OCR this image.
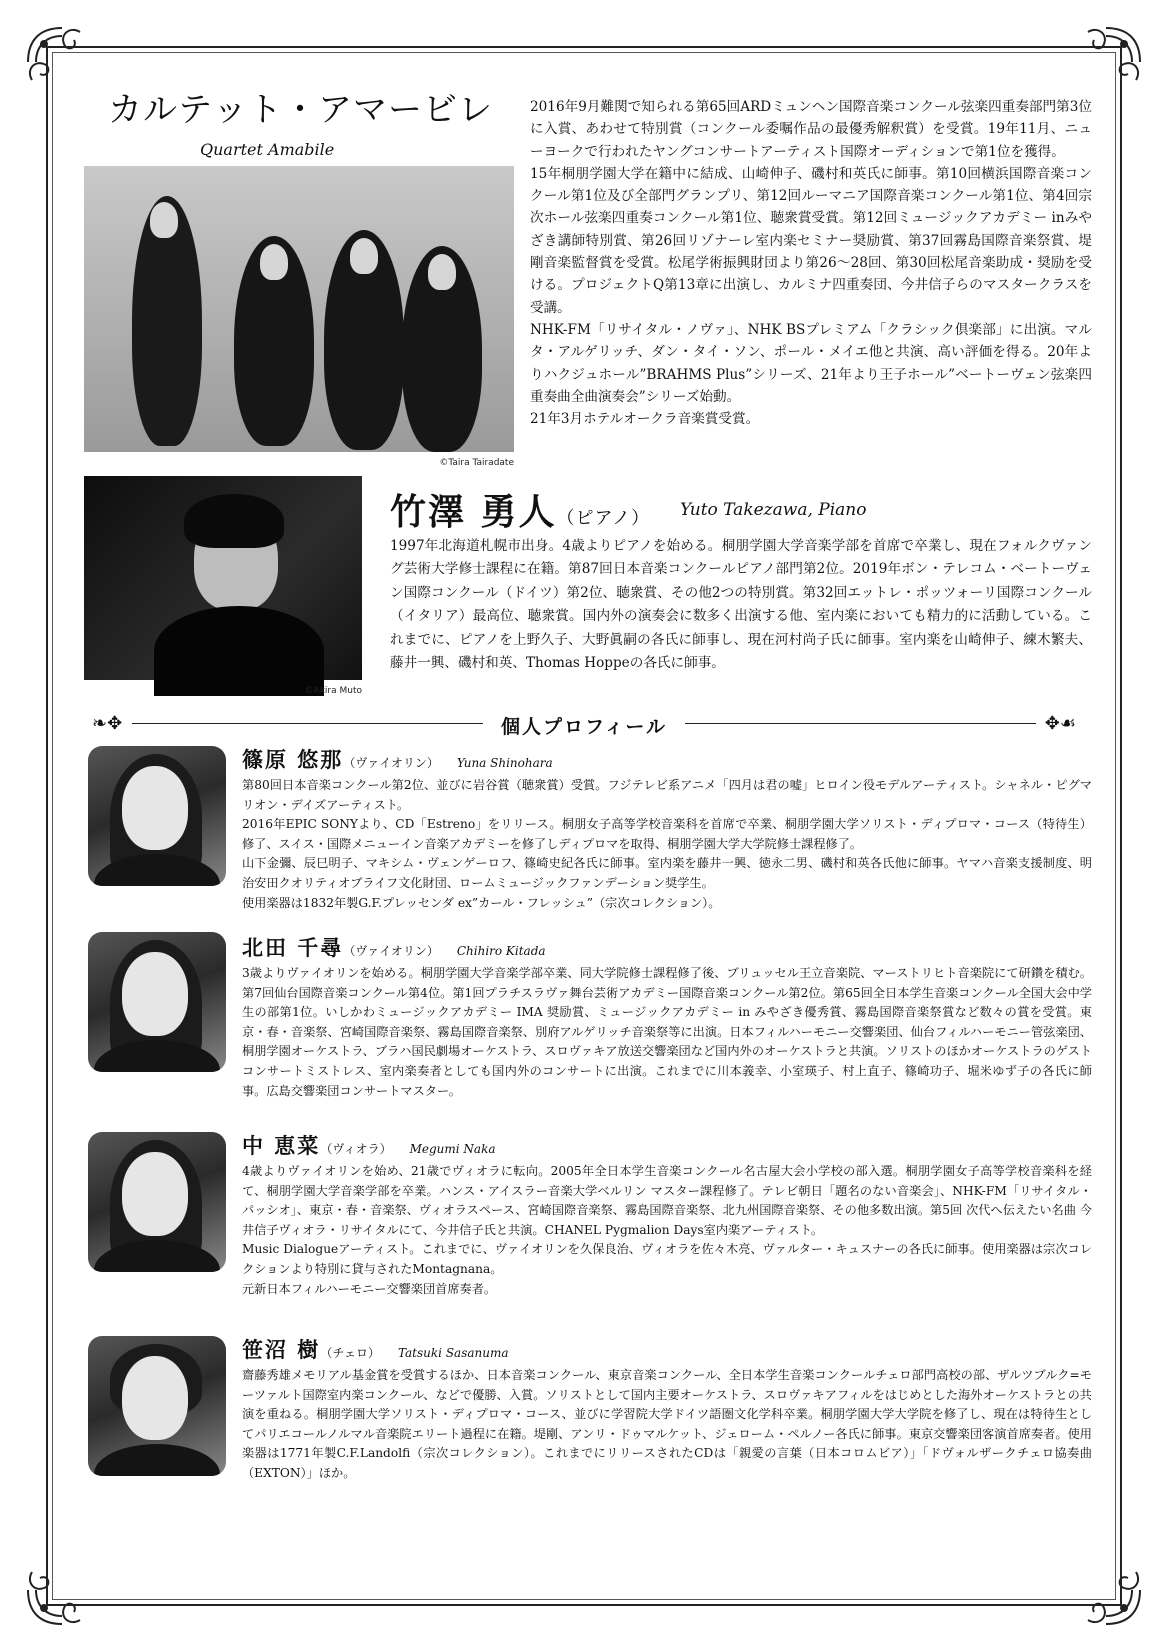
カルテット・アマービレ
Quartet Amabile
©Taira Tairadate

2016年9月難関で知られる第65回ARDミュンヘン国際音楽コンクール弦楽四重奏部門第3位に入賞、あわせて特別賞（コンクール委嘱作品の最優秀解釈賞）を受賞。19年11月、ニューヨークで行われたヤングコンサートアーティスト国際オーディションで第1位を獲得。

15年桐朋学園大学在籍中に結成、山崎伸子、磯村和英氏に師事。第10回横浜国際音楽コンクール第1位及び全部門グランプリ、第12回ルーマニア国際音楽コンクール第1位、第4回宗次ホール弦楽四重奏コンクール第1位、聴衆賞受賞。第12回ミュージックアカデミー inみやざき講師特別賞、第26回リゾナーレ室内楽セミナー奨励賞、第37回霧島国際音楽祭賞、堤剛音楽監督賞を受賞。松尾学術振興財団より第26〜28回、第30回松尾音楽助成・奨励を受ける。プロジェクトQ第13章に出演し、カルミナ四重奏団、今井信子らのマスタークラスを受講。

NHK-FM「リサイタル・ノヴァ」、NHK BSプレミアム「クラシック倶楽部」に出演。マルタ・アルゲリッチ、ダン・タイ・ソン、ポール・メイエ他と共演、高い評価を得る。20年よりハクジュホール”BRAHMS Plus”シリーズ、21年より王子ホール”ベートーヴェン弦楽四重奏曲全曲演奏会”シリーズ始動。

21年3月ホテルオークラ音楽賞受賞。

©Akira Muto
竹澤 勇人（ピアノ） Yuto Takezawa, Piano
1997年北海道札幌市出身。4歳よりピアノを始める。桐朋学園大学音楽学部を首席で卒業し、現在フォルクヴァング芸術大学修士課程に在籍。第87回日本音楽コンクールピアノ部門第2位。2019年ボン・テレコム・ベートーヴェン国際コンクール（ドイツ）第2位、聴衆賞、その他2つの特別賞。第32回エットレ・ポッツォーリ国際コンクール（イタリア）最高位、聴衆賞。国内外の演奏会に数多く出演する他、室内楽においても精力的に活動している。これまでに、ピアノを上野久子、大野眞嗣の各氏に師事し、現在河村尚子氏に師事。室内楽を山崎伸子、練木繁夫、藤井一興、磯村和英、Thomas Hoppeの各氏に師事。
❧✥	✥☙
個人プロフィール
篠原 悠那（ヴァイオリン） Yuna Shinohara

第80回日本音楽コンクール第2位、並びに岩谷賞（聴衆賞）受賞。フジテレビ系アニメ「四月は君の嘘」ヒロイン役モデルアーティスト。シャネル・ピグマリオン・デイズアーティスト。

2016年EPIC SONYより、CD「Estreno」をリリース。桐朋女子高等学校音楽科を首席で卒業、桐朋学園大学ソリスト・ディプロマ・コース（特待生）修了、スイス・国際メニューイン音楽アカデミーを修了しディプロマを取得、桐朋学園大学大学院修士課程修了。

山下金彌、辰巳明子、マキシム・ヴェンゲーロフ、篠崎史紀各氏に師事。室内楽を藤井一興、徳永二男、磯村和英各氏他に師事。ヤマハ音楽支援制度、明治安田クオリティオブライフ文化財団、ロームミュージックファンデーション奨学生。

使用楽器は1832年製G.F.プレッセンダ ex”カール・フレッシュ”（宗次コレクション）。

北田 千尋（ヴァイオリン） Chihiro Kitada

3歳よりヴァイオリンを始める。桐朋学園大学音楽学部卒業、同大学院修士課程修了後、ブリュッセル王立音楽院、マーストリヒト音楽院にて研鑽を積む。第7回仙台国際音楽コンクール第4位。第1回プラチスラヴァ舞台芸術アカデミー国際音楽コンクール第2位。第65回全日本学生音楽コンクール全国大会中学生の部第1位。いしかわミュージックアカデミー IMA 奨励賞、ミュージックアカデミー in みやざき優秀賞、霧島国際音楽祭賞など数々の賞を受賞。東京・春・音楽祭、宮崎国際音楽祭、霧島国際音楽祭、別府アルゲリッチ音楽祭等に出演。日本フィルハーモニー交響楽団、仙台フィルハーモニー管弦楽団、桐朋学園オーケストラ、ブラハ国民劇場オーケストラ、スロヴァキア放送交響楽団など国内外のオーケストラと共演。ソリストのほかオーケストラのゲストコンサートミストレス、室内楽奏者としても国内外のコンサートに出演。これまでに川本義幸、小室瑛子、村上直子、篠崎功子、堀米ゆず子の各氏に師事。広島交響楽団コンサートマスター。

中 恵菜（ヴィオラ） Megumi Naka

4歳よりヴァイオリンを始め、21歳でヴィオラに転向。2005年全日本学生音楽コンクール名古屋大会小学校の部入選。桐朋学園女子高等学校音楽科を経て、桐朋学園大学音楽学部を卒業。ハンス・アイスラー音楽大学ベルリン マスター課程修了。テレビ朝日「題名のない音楽会」、NHK-FM「リサイタル・パッシオ」、東京・春・音楽祭、ヴィオラスペース、宮崎国際音楽祭、霧島国際音楽祭、北九州国際音楽祭、その他多数出演。第5回 次代へ伝えたい名曲 今井信子ヴィオラ・リサイタルにて、今井信子氏と共演。CHANEL Pygmalion Days室内楽アーティスト。

Music Dialogueアーティスト。これまでに、ヴァイオリンを久保良治、ヴィオラを佐々木亮、ヴァルター・キュスナーの各氏に師事。使用楽器は宗次コレクションより特別に貸与されたMontagnana。

元新日本フィルハーモニー交響楽団首席奏者。

笹沼 樹（チェロ） Tatsuki Sasanuma

齋藤秀雄メモリアル基金賞を受賞するほか、日本音楽コンクール、東京音楽コンクール、全日本学生音楽コンクールチェロ部門高校の部、ザルツブルク=モーツァルト国際室内楽コンクール、などで優勝、入賞。ソリストとして国内主要オーケストラ、スロヴァキアフィルをはじめとした海外オーケストラとの共演を重ねる。桐朋学園大学ソリスト・ディプロマ・コース、並びに学習院大学ドイツ語圏文化学科卒業。桐朋学園大学大学院を修了し、現在は特待生としてパリエコールノルマル音楽院エリート過程に在籍。堤剛、アンリ・ドゥマルケット、ジェローム・ペルノー各氏に師事。東京交響楽団客演首席奏者。使用楽器は1771年製C.F.Landolfi（宗次コレクション）。これまでにリリースされたCDは「親愛の言葉（日本コロムビア）」「ドヴォルザークチェロ協奏曲（EXTON）」ほか。
